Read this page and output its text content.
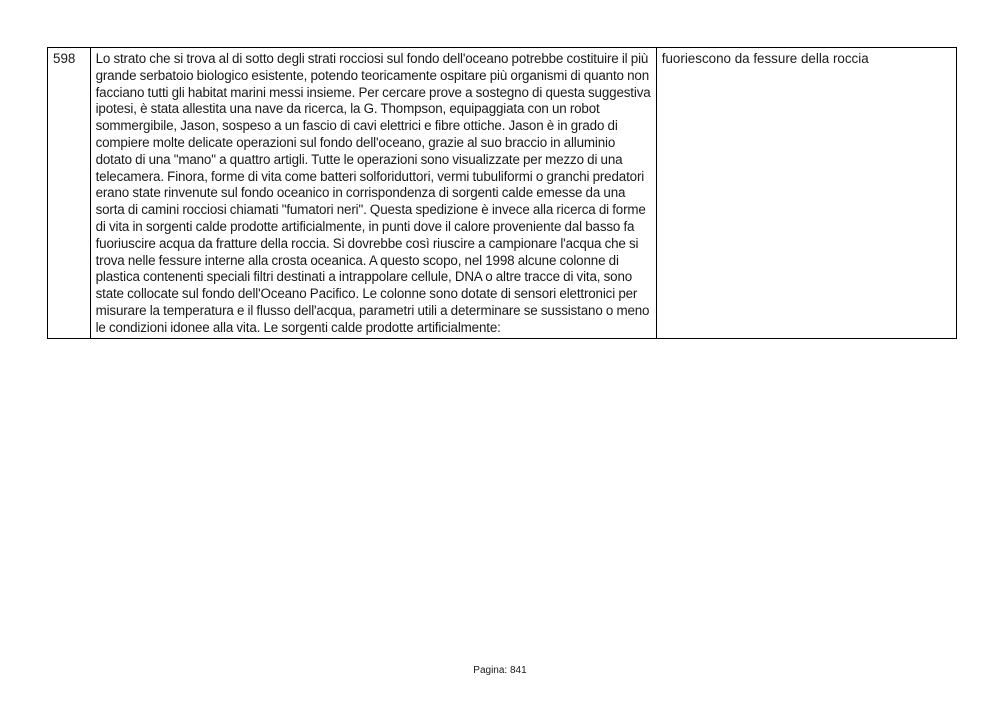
598	Lo strato che si trova al di sotto degli strati rocciosi sul fondo dell'oceano potrebbe costituire il più grande serbatoio biologico esistente, potendo teoricamente ospitare più organismi di quanto non facciano tutti gli habitat marini messi insieme. Per cercare prove a sostegno di questa suggestiva ipotesi, è stata allestita una nave da ricerca, la G. Thompson, equipaggiata con un robot sommergibile, Jason, sospeso a un fascio di cavi elettrici e fibre ottiche. Jason è in grado di compiere molte delicate operazioni sul fondo dell'oceano, grazie al suo braccio in alluminio dotato di una "mano" a quattro artigli. Tutte le operazioni sono visualizzate per mezzo di una telecamera. Finora, forme di vita come batteri solforiduttori, vermi tubuliformi o granchi predatori erano state rinvenute sul fondo oceanico in corrispondenza di sorgenti calde emesse da una sorta di camini rocciosi chiamati "fumatori neri". Questa spedizione è invece alla ricerca di forme di vita in sorgenti calde prodotte artificialmente, in punti dove il calore proveniente dal basso fa fuoriuscire acqua da fratture della roccia. Si dovrebbe così riuscire a campionare l'acqua che si trova nelle fessure interne alla crosta oceanica. A questo scopo, nel 1998 alcune colonne di plastica contenenti speciali filtri destinati a intrappolare cellule, DNA o altre tracce di vita, sono state collocate sul fondo dell'Oceano Pacifico. Le colonne sono dotate di sensori elettronici per misurare la temperatura e il flusso dell'acqua, parametri utili a determinare se sussistano o meno le condizioni idonee alla vita. Le sorgenti calde prodotte artificialmente:	fuoriescono da fessure della roccia
Pagina: 841
